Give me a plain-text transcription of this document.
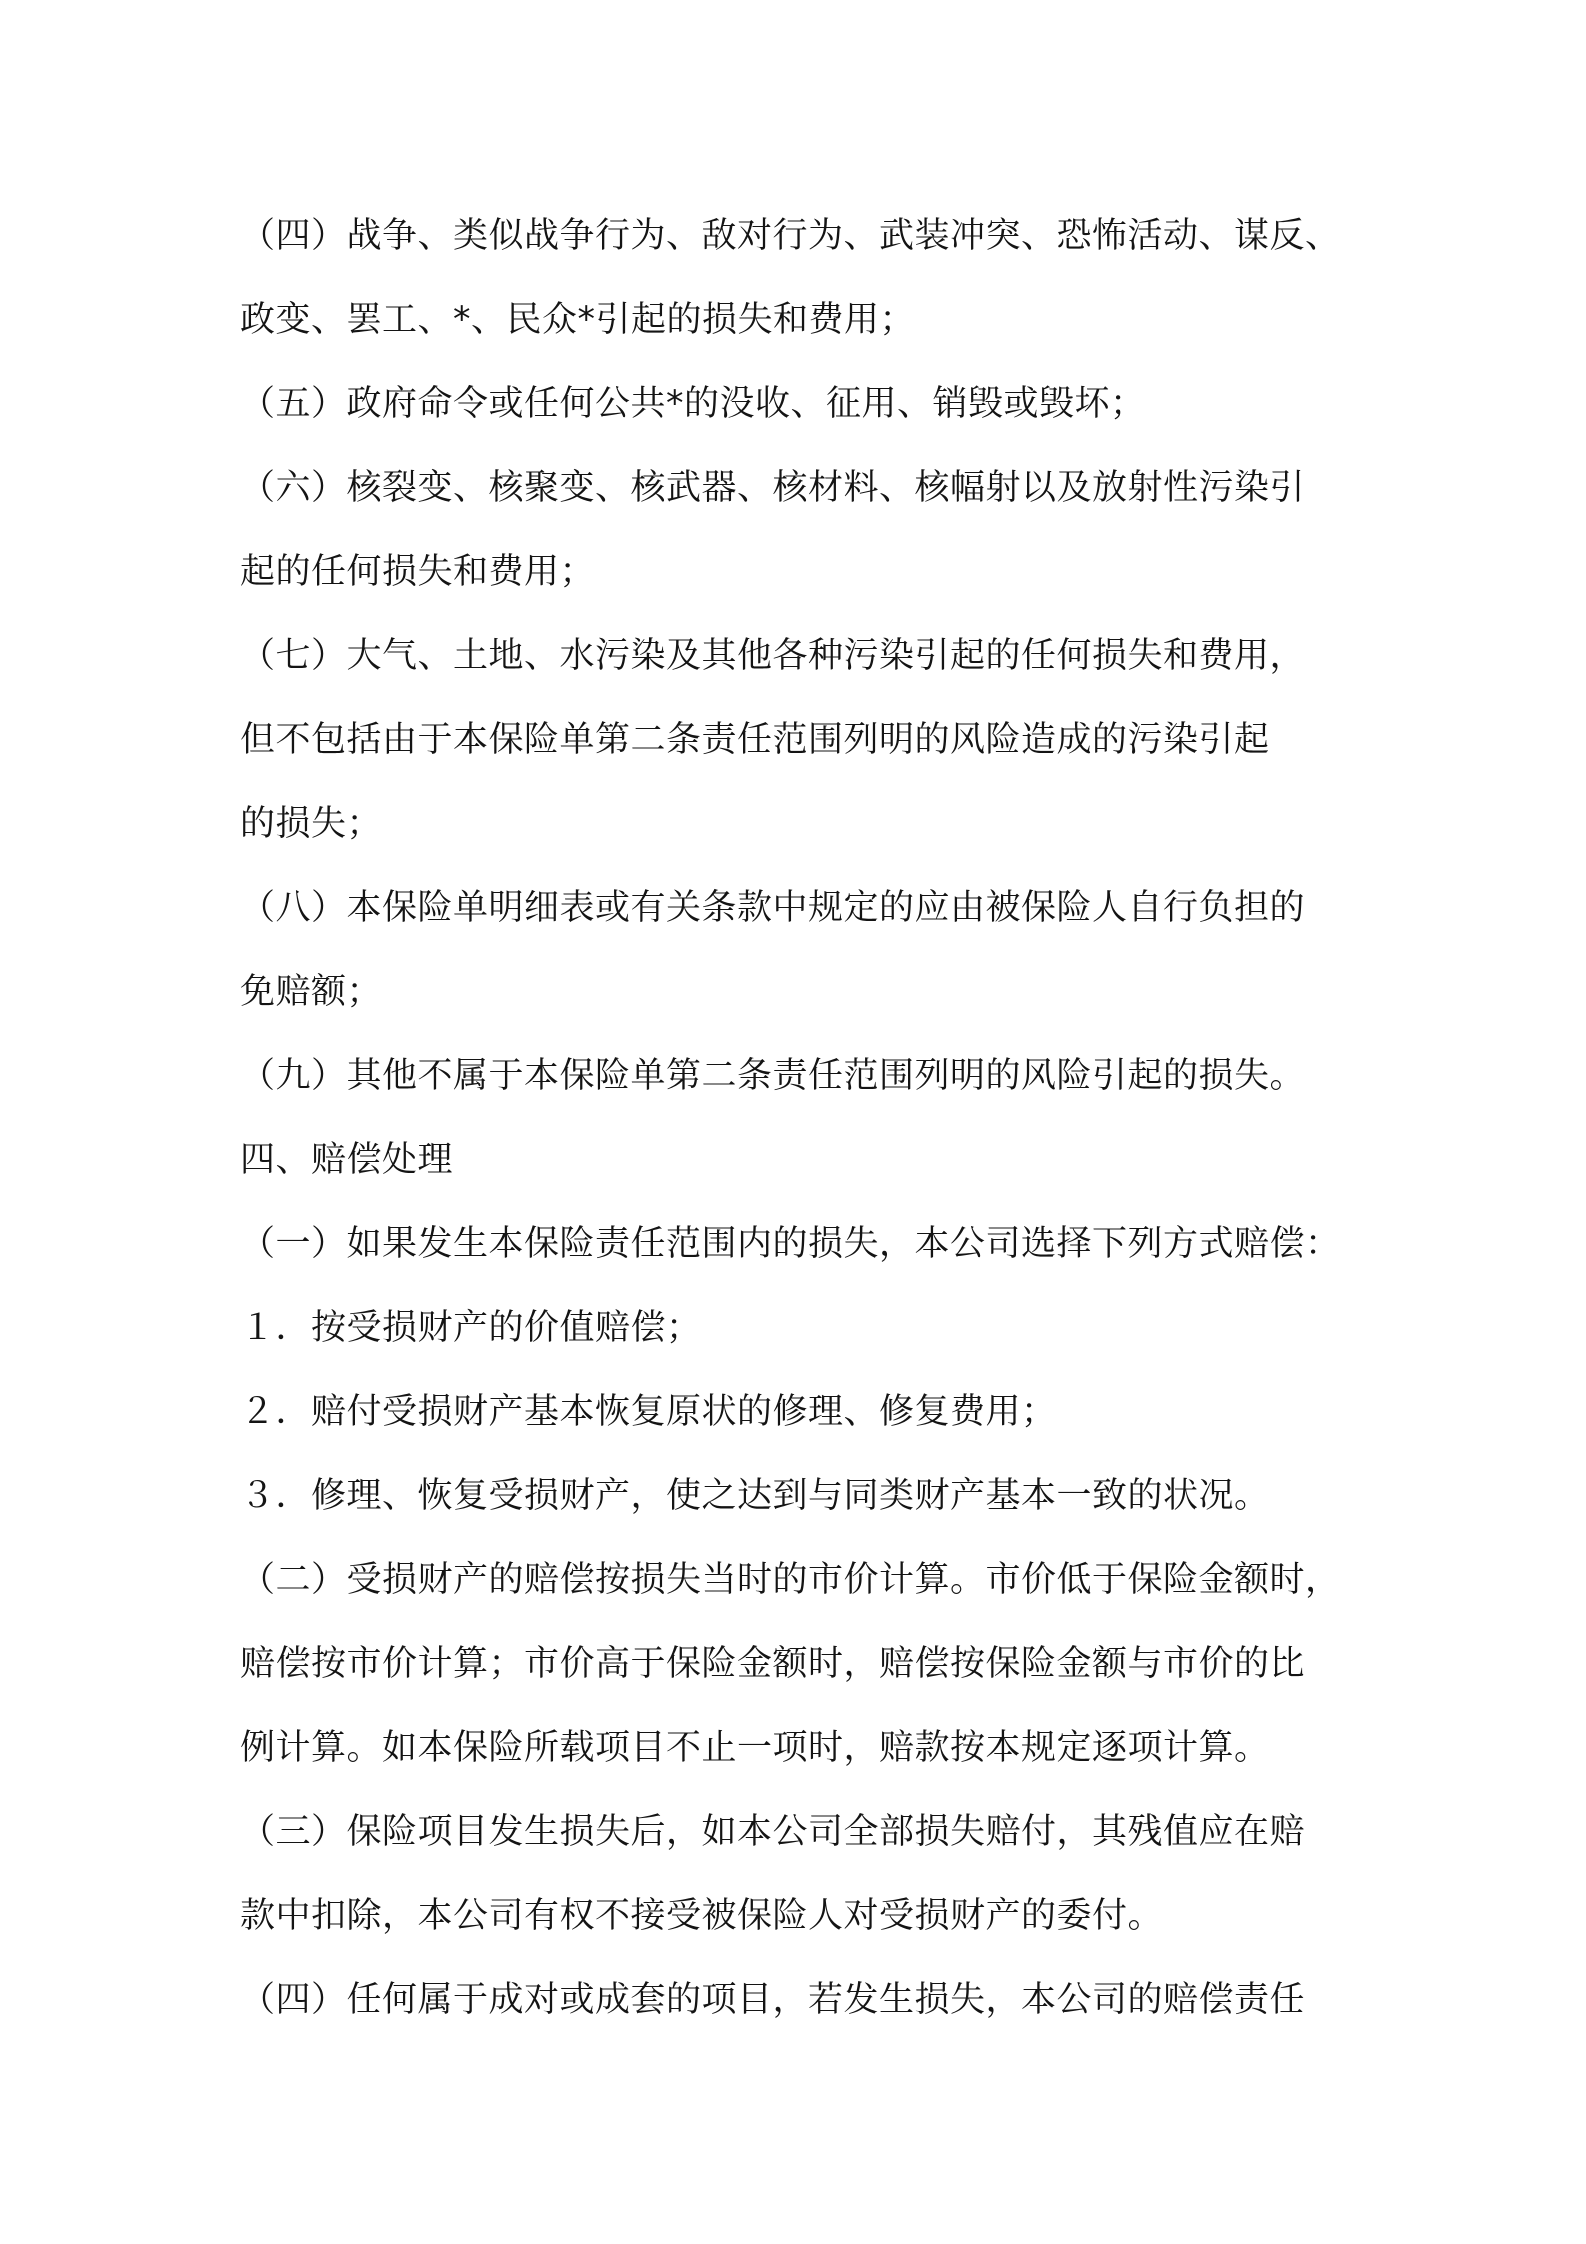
（四）战争、类似战争行为、敌对行为、武装冲突、恐怖活动、谋反、
政变、罢工、*、民众*引起的损失和费用；
（五）政府命令或任何公共*的没收、征用、销毁或毁坏；
（六）核裂变、核聚变、核武器、核材料、核幅射以及放射性污染引
起的任何损失和费用；
（七）大气、土地、水污染及其他各种污染引起的任何损失和费用，
但不包括由于本保险单第二条责任范围列明的风险造成的污染引起
的损失；
（八）本保险单明细表或有关条款中规定的应由被保险人自行负担的
免赔额；
（九）其他不属于本保险单第二条责任范围列明的风险引起的损失。
四、赔偿处理
（一）如果发生本保险责任范围内的损失，本公司选择下列方式赔偿：
１．按受损财产的价值赔偿；
２．赔付受损财产基本恢复原状的修理、修复费用；
３．修理、恢复受损财产，使之达到与同类财产基本一致的状况。
（二）受损财产的赔偿按损失当时的市价计算。市价低于保险金额时，
赔偿按市价计算；市价高于保险金额时，赔偿按保险金额与市价的比
例计算。如本保险所载项目不止一项时，赔款按本规定逐项计算。
（三）保险项目发生损失后，如本公司全部损失赔付，其残值应在赔
款中扣除，本公司有权不接受被保险人对受损财产的委付。
（四）任何属于成对或成套的项目，若发生损失，本公司的赔偿责任
